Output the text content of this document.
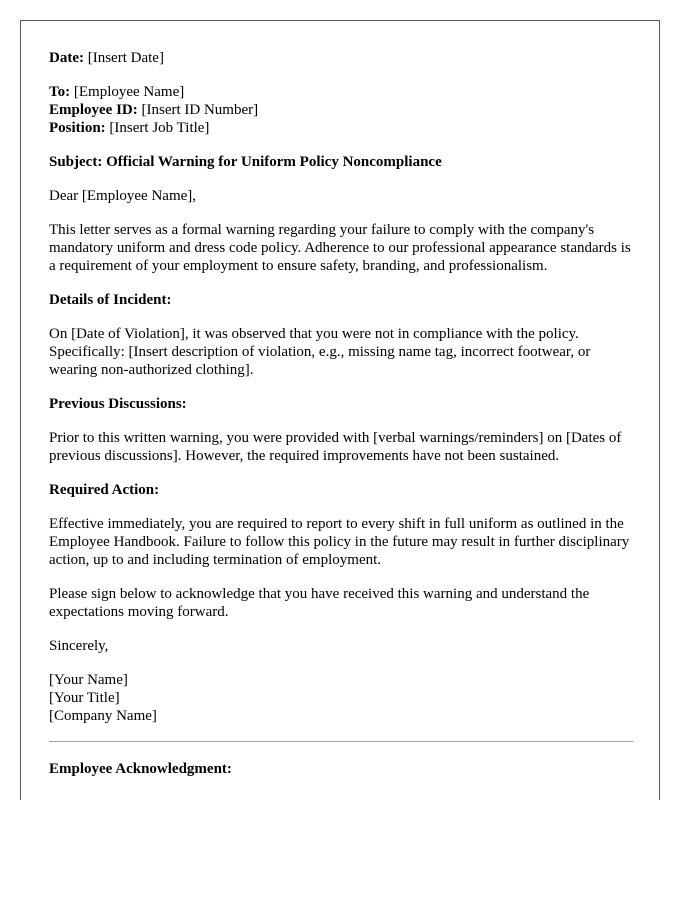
Date: [Insert Date]

To: [Employee Name]

Employee ID: [Insert ID Number]

Position: [Insert Job Title]

Subject: Official Warning for Uniform Policy Noncompliance

Dear [Employee Name],

This letter serves as a formal warning regarding your failure to comply with the company's mandatory uniform and dress code policy. Adherence to our professional appearance standards is a requirement of your employment to ensure safety, branding, and professionalism.

Details of Incident:

On [Date of Violation], it was observed that you were not in compliance with the policy. Specifically: [Insert description of violation, e.g., missing name tag, incorrect footwear, or wearing non-authorized clothing].

Previous Discussions:

Prior to this written warning, you were provided with [verbal warnings/reminders] on [Dates of previous discussions]. However, the required improvements have not been sustained.

Required Action:

Effective immediately, you are required to report to every shift in full uniform as outlined in the Employee Handbook. Failure to follow this policy in the future may result in further disciplinary action, up to and including termination of employment.

Please sign below to acknowledge that you have received this warning and understand the expectations moving forward.

Sincerely,

[Your Name]

[Your Title]

[Company Name]

Employee Acknowledgment:
